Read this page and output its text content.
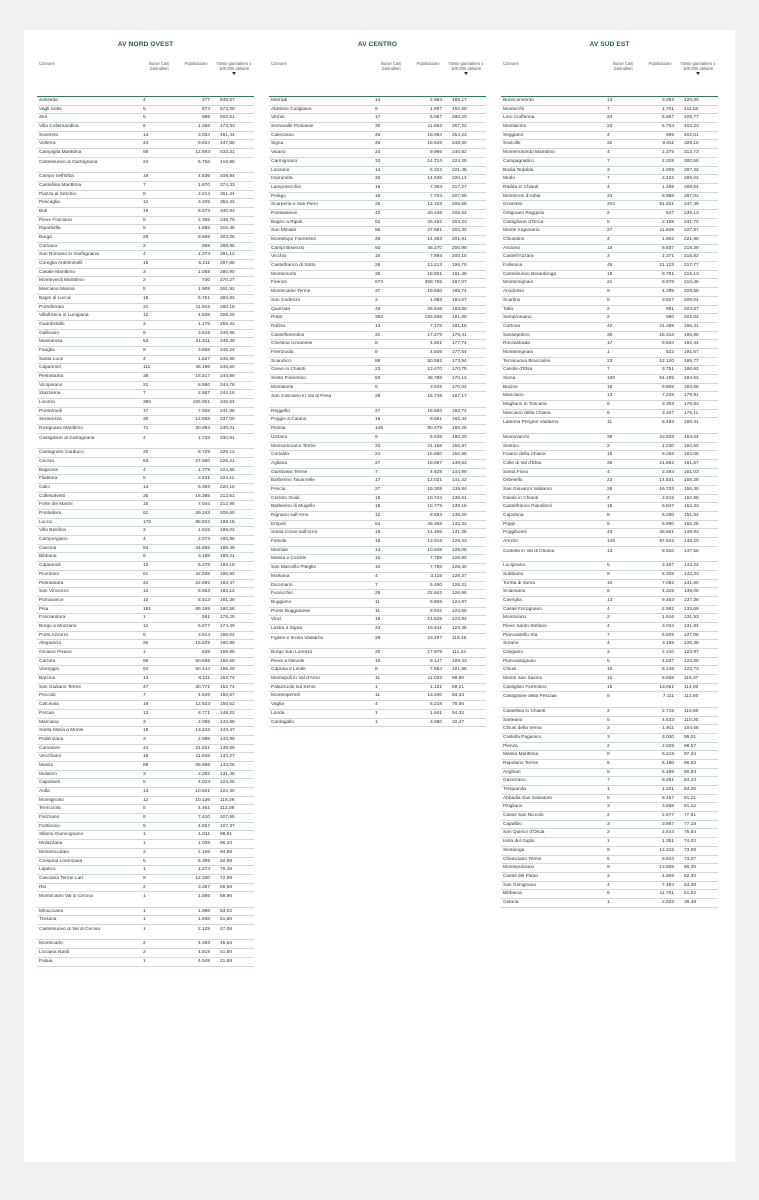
AV NORD OVEST
Comune	Nuovi Casi Giornalieri
Popolazione	Tasso giornaliero x 100.000 abitanti
Sassetta	4	477	838,57
Vagli Sotto	5	874	572,08
Zeri	5	995	502,51
Villa Collemandina	6	1.366	473,93
Suvereto	14	3.034	461,44
Volterra	44	9.824	447,88
Campiglia Marittima	55	12.693	433,31
Castelnuovo di Garfagnana	24	5.756	416,96
Campo nell'Elba	19	4.636	409,84
Castellina Marittima	7	1.870	374,33
Piazza al Serchio	8	2.214	361,34
Pescaglia	12	3.405	352,42
Buti	19	5.573	340,93
Pieve Fosciana	8	2.355	339,70
Riparbella	5	1.585	315,46
Barga	29	9.569	303,06
Comano	2	669	298,95
San Romano in Garfagnana	4	1.374	291,12
Coreglia Antelminelli	15	5.211	287,85
Casale Marittimo	3	1.068	280,90
Monteverdi Marittimo	2	740	270,27
Marciana Marina	5	1.909	261,92
Bagni di Lucca	15	5.751	260,82
Portoferraio	31	11.915	260,18
Villafranca in Lunigiana	12	4.626	259,29
Guardistallo	3	1.175	255,32
Gallicano	9	3.615	248,96
Massarosa	53	21.511	246,39
Fauglia	9	3.655	246,24
Santa Luce	4	1.627	245,85
Capannori	111	45.196	245,60
Pietrasanta	38	15.517	244,89
Vicopisano	21	8.580	244,76
Stazzema	7	2.867	244,16
Livorno	380	155.001	245,54
Pontremoli	17	7.026	241,96
Seravezza	30	12.658	237,00
Rosignano Marittimo	71	30.084	236,01
Castiglione di Garfagnana	4	1.733	230,81
Castagneto Carducci	20	8.729	229,12
Cecina	63	27.850	226,21
Bagnone	4	1.779	224,85
Filattiera	5	2.231	224,11
Calci	14	6.359	220,16
Collesalvetti	35	16.385	213,61
Forte dei Marmi	15	7.044	212,95
Pontedera	61	29.243	208,60
Lucca	176	88.822	198,15
Villa Basilica	3	1.515	198,02
Camporgiano	4	2.073	192,96
Cascina	84	44.565	188,49
Bibbona	6	3.188	188,21
Capannoli	12	6.378	188,15
Piombino	61	32.638	186,90
Pietrasanta	42	22.892	183,47
San Vincenzo	12	6.553	183,12
Pomarance	10	5.513	181,39
Pisa	161	89.155	180,58
Fosciandora	1	561	178,25
Borgo a Mozzano	12	6.877	174,49
Porto Azzurro	6	3.614	166,02
Altopascio	25	15.529	160,99
Orciano Pisano	1	629	158,98
Carrara	95	60.685	156,55
Viareggio	94	60.144	156,29
Barcina	13	8.511	152,74
San Giuliano Terme	47	30.771	152,74
Peccioli	7	4.649	150,57
Calcinaia	19	12.623	150,52
Porcari	13	8.771	148,22
Marciana	3	2.085	143,88
Santa Maria a Monte	19	13.243	143,47
Podenzana	3	2.096	143,99
Camaiore	44	31.521	139,59
Vecchiano	16	11.916	134,27
Massa	89	66.886	133,06
Mulazzo	3	2.282	131,46
Capoliveri	5	4.024	124,25
Aulla	13	10.621	122,40
Montignoso	12	10.136	118,39
Terricciola	5	4.461	112,08
Fivizzano	8	7.410	107,96
Fostinovo	5	4.657	107,37
Sillano Giuncugnano	1	1.011	98,91
Molazzana	1	1.038	96,34
Montescudaio	2	2.106	94,98
Crespina Lorenzana	5	5.395	92,68
Lajatico	1	1.274	78,49
Casciana Terme Lari	9	12.330	72,99
Rio	2	3.357	59,58
Montecatini Val di Cecina	1	1.696	58,96
Minucciano	1	1.986	53,02
Tresana	1	1.938	51,60
Castelnuovo di Val di Cecina	1	2.125	47,06
Montecarlo	2	4.393	45,53
Licciana Nardi	2	4.819	41,50
Palaia	1	4.549	21,98
AV CENTRO
Comune	Nuovi Casi Giornalieri
Popolazione	Tasso giornaliero x 100.000 abitanti
Marradi	14	2.984	469,17
Abetone Cutigliano	9	1.997	450,68
Vernio	17	6.067	280,20
Serravalle Pistoiese	30	11.663	257,22
Calenzano	46	18.094	254,23
Signa	46	18.526	248,30
Vaiano	24	9.966	240,82
Carmignano	33	14.714	224,28
Lonzano	14	6.322	221,45
Impruneta	32	14.536	220,14
Lamporecchio	16	7.364	217,27
Pelago	16	7.704	207,68
Scarperia e San Piero	25	12.103	206,56
Pontassieve	42	20.436	205,52
Bagno a Ripoli	52	25.462	204,23
San Miniato	56	27.681	202,30
Montelupo Fiorentino	29	14.363	201,91
Campi Bisenzio	93	46.270	200,99
Vicchio	16	7.994	200,15
Castelfranco di Sotto	26	13.213	196,78
Montemurlo	36	18.801	191,48
Firenze	673	359.755	187,07
Montecatini-Terme	37	19.930	185,74
San Godenzo	2	1.083	184,67
Quarrata	49	26.648	183,88
Prato	352	193.568	181,85
Rufina	13	7.176	181,16
Castelfiorentino	31	17.279	179,41
Chiesina Uzzanese	8	4.501	177,74
Firenzuola	8	4.506	177,54
Scandicci	88	50.592	173,94
Greve in Chianti	23	13.470	170,75
Sesto Fiorentino	83	48.788	170,12
Montaione	6	3.529	170,02
San Casciano in Val di Pesa	28	16.749	167,17
Reggello	27	16.593	162,72
Poggio a Caiano	16	9.851	162,42
Pistoia	145	90.479	160,26
Uzzano	9	5.638	160,20
Monsummano Terme	33	21.158	155,97
Certaldo	24	15.690	152,96
Agliana	27	18.057	149,53
Gambassi Terme	7	4.828	144,99
Barberino Tavarnelle	17	12.021	141,42
Pescia	27	19.308	139,84
Cerreto Guidi	15	10.744	139,61
Barberino di Mugello	15	10.779	139,16
Rignano sull'Arno	12	8.683	138,20
Empoli	64	48.368	132,32
Santa Croce sull'Arno	19	14.465	131,35
Fiesole	18	13.918	129,33
Montale	14	10.848	129,06
Massa e Cozzile	10	7.758	128,90
San Marcello Piteglio	10	7.788	128,40
Marliana	4	3.116	128,37
Dicomano	7	5.460	128,21
Fucecchio	29	22.842	126,96
Buggiano	11	8.809	124,87
Ponte Buggianese	11	8.832	124,55
Vinci	18	14.525	123,92
Lastra a Signa	24	19.441	123,45
Figline e Incisa Valdarno	28	23.497	119,16
Borgo San Lorenzo	20	17.979	111,24
Pieve a Nievole	10	9.147	109,33
Capraia e Limite	8	7.854	101,86
Montopoli in Val d'Arno	11	11.033	99,80
Palazzuolo sul Senio	1	1.121	89,21
Montespertoli	11	13.200	83,33
Vaglia	4	5.218	76,66
Londa	1	1.841	54,32
Cantagallo	1	3.080	32,47
AV SUD EST
Comune	Nuovi Casi Giornalieri
Popolazione	Tasso giornaliero x 100.000 abitanti
Buonconvento	13	3.093	420,30
Monterchi	7	1.701	411,52
Loro Ciuffenna	24	5.857	409,77
Montalcino	23	5.704	403,23
Seggiano	4	995	402,01
Sovicille	32	9.811	326,16
Monteriotondo Marittimo	4	1.275	313,73
Campagnatico	7	2.329	300,56
Badia Tedalda	3	1.009	297,32
Murlo	7	2.422	289,02
Radda in Chianti	4	1.489	268,64
Monteroni d'Arbia	24	8.988	267,02
Grosseto	202	81.621	247,49
Ortignano Raggiolo	2	847	236,13
Castiglione d'Orcia	5	2.159	231,70
Monte Argentario	27	11.849	227,87
Chiusdino	4	1.802	221,98
Asciano	15	6.837	219,39
Castell'Azzara	3	1.371	218,82
Follonica	46	21.123	217,77
Castelnuovo Berardenga	19	8.791	216,13
Montemignaio	21	9.978	210,46
Arcidosso	9	4.295	209,55
Scarlino	8	3.827	209,04
Talla	2	981	203,87
Semproniano	2	990	202,02
Cortona	42	21.399	196,31
Sansepolcro	30	15.318	195,85
Roccastrada	17	8.834	192,44
Montemignaio	1	522	191,57
Terranuova Bracciolini	23	12.120	189,77
Casole d'Elsa	7	3.751	186,62
Siena	100	54.195	184,52
Bucine	18	9.806	183,56
Manciano	13	7.226	179,91
Magliano in Toscana	6	3.393	176,83
Marciano della Chiana	6	3.407	176,11
Laterina Pergine Valdarno	11	6.493	169,41
Montevarchi	39	23.833	163,64
Sestino	2	1.230	162,60
Foiano della Chiana	15	9.256	162,06
Colle di Val d'Elsa	35	21.662	161,57
Santa Fiora	4	2.484	161,03
Orbetello	23	14.531	158,28
San Giovanni Valdarno	26	16.733	155,38
Gaiole in Chianti	4	2.615	152,96
Castelfranco Piandiscò	15	9.847	152,33
Capolona	8	5.280	151,52
Poppi	9	5.990	150,25
Poggibonsi	43	28.681	149,93
Arezzo	145	97.842	148,20
Civitella in Val di Chiana	13	8.810	147,56
Lucignano	5	3.467	144,22
Subbiano	9	6.328	142,23
Torrita di Siena	10	7.062	141,60
Sciansano	6	4.315	139,05
Cavriglia	13	9.463	137,38
Castel Focognano	4	2.992	133,69
Monticiano	2	1.516	131,93
Pieve Santo Stefano	4	3.034	131,84
Piancastello Sta	7	5.509	127,06
Sorano	4	3.165	126,38
Cinigiano	3	2.420	123,97
Piancastagnaio	5	4.037	123,85
Chiusi	10	8.148	122,73
Monte San Savino	10	8.668	115,37
Castiglion Fiorentino	15	13.051	114,93
Castiglione della Pescaia	8	7.111	112,50
Castellina in Chianti	3	2.715	110,50
Sarteano	5	4.533	110,30
Chiusi della Verna	2	1.911	104,66
Civitella Paganico	3	3.030	99,01
Pienza	2	2.029	98,57
Massa Marittima	8	8.219	97,34
Rapolano Terme	5	5.180	96,53
Anghiari	5	5.499	90,93
Gavorrano	7	8.291	84,43
Trequanda	1	1.201	83,26
Abbadia San Salvatore	5	6.157	81,21
Pitigliano	3	3.698	81,12
Castel San Niccolò	2	2.577	77,61
Capalbio	3	3.887	77,18
San Quirico d'Orcia	2	2.644	75,64
Isola del Giglio	1	1.351	74,02
Sinalunga	9	12.315	73,08
Chianciano Terme	5	6.843	73,07
Montepulciano	9	13.565	66,35
Castel del Piano	3	4.808	62,40
San Gimignano	4	7.494	53,38
Bibbiena	6	11.761	51,02
Cetona	1	2.533	39,48
